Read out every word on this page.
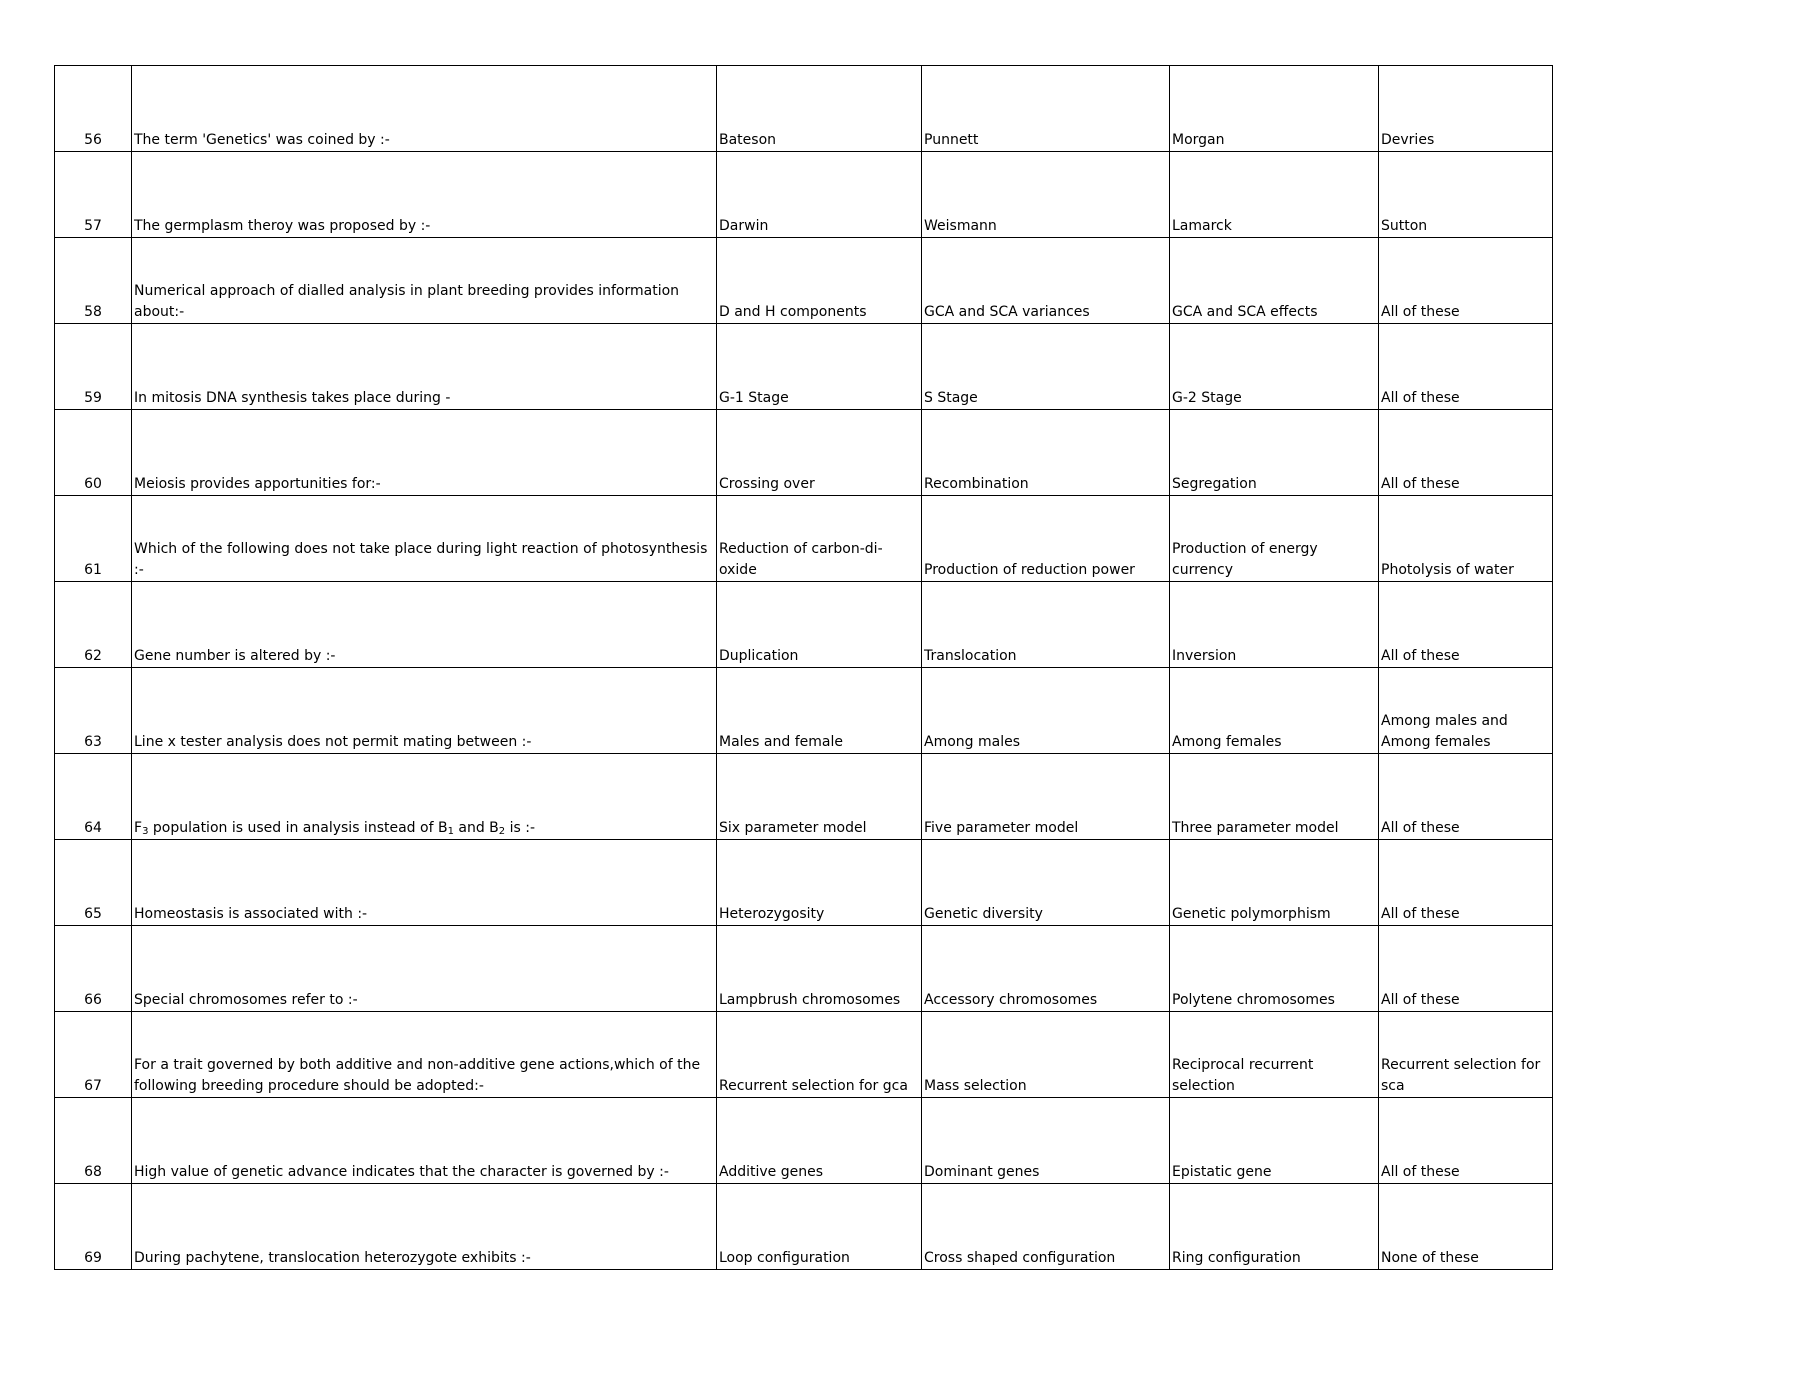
56	The term 'Genetics' was coined by :-	Bateson	Punnett	Morgan	Devries
57	The germplasm theroy was proposed by :-	Darwin	Weismann	Lamarck	Sutton
58	Numerical approach of dialled analysis in plant breeding provides information about:-	D and H components	GCA and SCA variances	GCA and SCA effects	All of these
59	In mitosis DNA synthesis takes place during -	G-1 Stage	S Stage	G-2 Stage	All of these
60	Meiosis provides apportunities for:-	Crossing over	Recombination	Segregation	All of these
61	Which of the following does not take place during light reaction of photosynthesis :-	Reduction of carbon-di-oxide	Production of reduction power	Production of energy currency	Photolysis of water
62	Gene number is altered by :-	Duplication	Translocation	Inversion	All of these
63	Line x tester analysis does not permit mating between :-	Males and female	Among males	Among females	Among males and Among females
64	$F_3$ population is used in analysis instead of $B_1$ and $B_2$ is :-	Six parameter model	Five parameter model	Three parameter model	All of these
65	Homeostasis is associated with :-	Heterozygosity	Genetic diversity	Genetic polymorphism	All of these
66	Special chromosomes refer to :-	Lampbrush chromosomes	Accessory chromosomes	Polytene chromosomes	All of these
67	For a trait governed by both additive and non-additive gene actions,which of the following breeding procedure should be adopted:-	Recurrent selection for gca	Mass selection	Reciprocal recurrent selection	Recurrent selection for sca
68	High value of genetic advance indicates that the character is governed by :-	Additive genes	Dominant genes	Epistatic gene	All of these
69	During pachytene, translocation heterozygote exhibits :-	Loop configuration	Cross shaped configuration	Ring configuration	None of these
